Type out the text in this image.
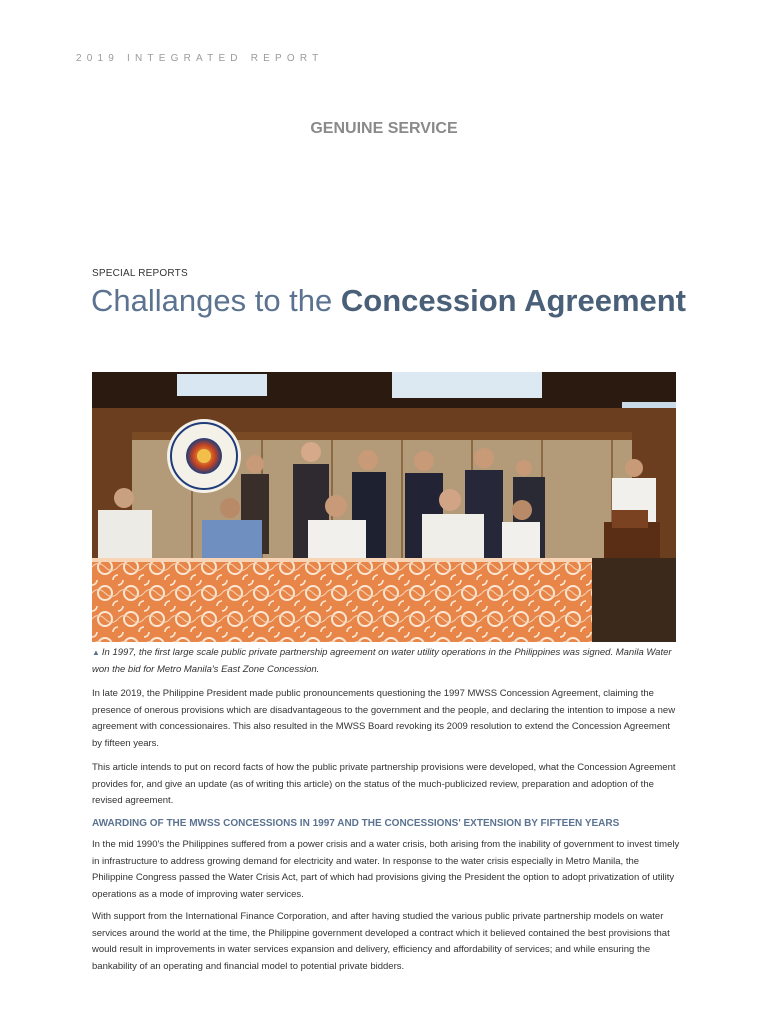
2019 INTEGRATED REPORT
GENUINE SERVICE
SPECIAL REPORTS
Challanges to the Concession Agreement
▲ In 1997, the first large scale public private partnership agreement on water utility operations in the Philippines was signed. Manila Water won the bid for Metro Manila's East Zone Concession.

In late 2019, the Philippine President made public pronouncements questioning the 1997 MWSS Concession Agreement, claiming the presence of onerous provisions which are disadvantageous to the government and the people, and declaring the intention to impose a new agreement with concessionaires. This also resulted in the MWSS Board revoking its 2009 resolution to extend the Concession Agreement by fifteen years.

This article intends to put on record facts of how the public private partnership provisions were developed, what the Concession Agreement provides for, and give an update (as of writing this article) on the status of the much-publicized review, preparation and adoption of the revised agreement.

AWARDING OF THE MWSS CONCESSIONS IN 1997 AND THE CONCESSIONS' EXTENSION BY FIFTEEN YEARS

In the mid 1990's the Philippines suffered from a power crisis and a water crisis, both arising from the inability of government to invest timely in infrastructure to address growing demand for electricity and water. In response to the water crisis especially in Metro Manila, the Philippine Congress passed the Water Crisis Act, part of which had provisions giving the President the option to adopt privatization of utility operations as a mode of improving water services.

With support from the International Finance Corporation, and after having studied the various public private partnership models on water services around the world at the time, the Philippine government developed a contract which it believed contained the best provisions that would result in improvements in water services expansion and delivery, efficiency and affordability of services; and while ensuring the bankability of an operating and financial model to potential private bidders.
